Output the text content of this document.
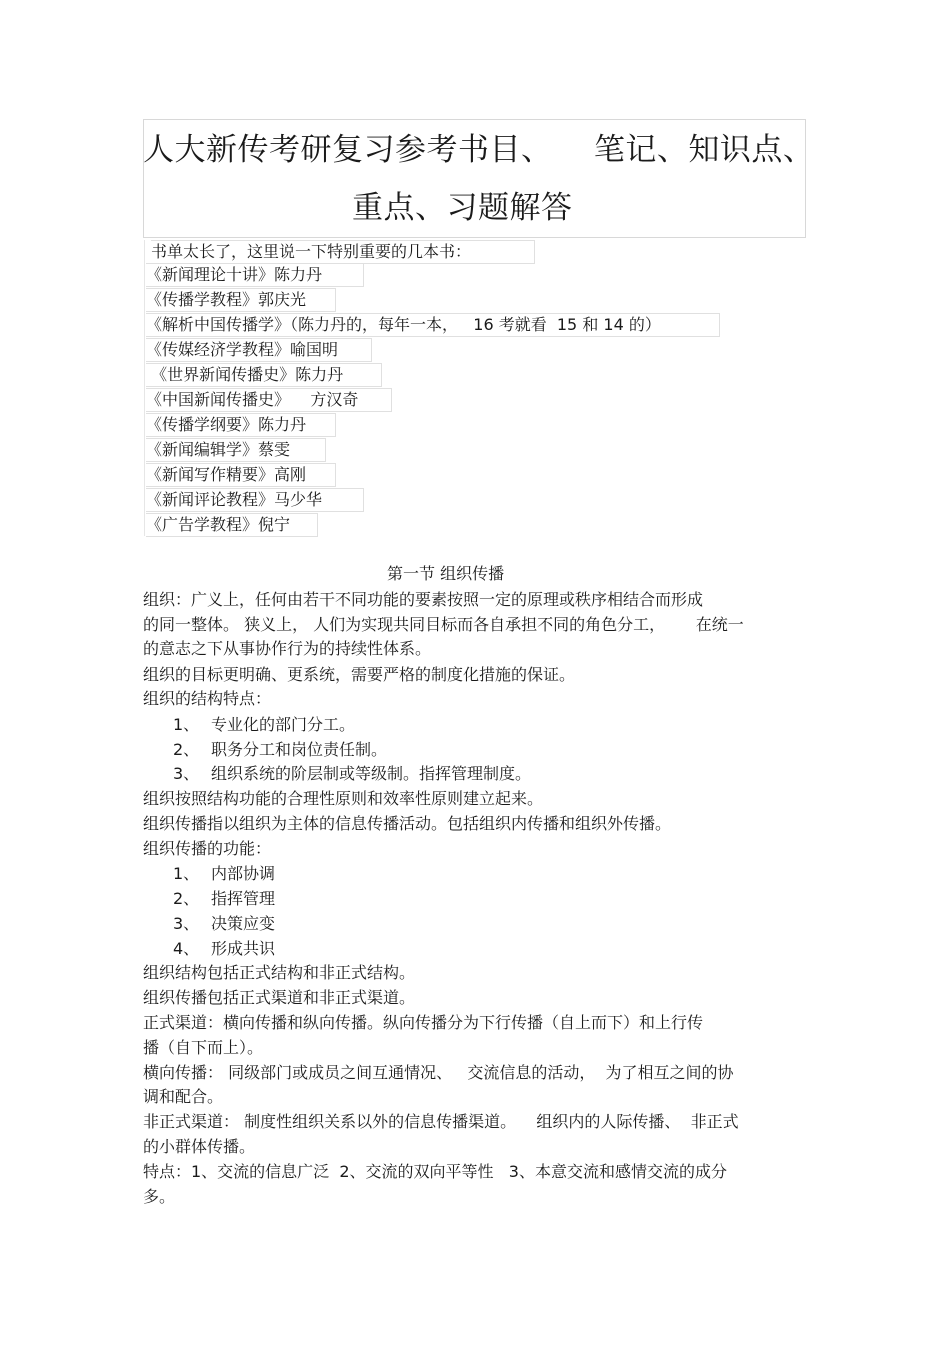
人大新传考研复习参考书目、    笔记、知识点、
重点、习题解答
书单太长了，这里说一下特别重要的几本书：
《新闻理论十讲》陈力丹
《传播学教程》郭庆光
《解析中国传播学》（陈力丹的，每年一本，   16 考就看  15 和 14 的）
《传媒经济学教程》喻国明
《世界新闻传播史》陈力丹
《中国新闻传播史》    方汉奇
《传播学纲要》陈力丹
《新闻编辑学》蔡雯
《新闻写作精要》高刚
《新闻评论教程》马少华
《广告学教程》倪宁
第一节 组织传播
组织：广义上，任何由若干不同功能的要素按照一定的原理或秩序相结合而形成
的同一整体。 狭义上， 人们为实现共同目标而各自承担不同的角色分工，      在统一
的意志之下从事协作行为的持续性体系。
组织的目标更明确、更系统，需要严格的制度化措施的保证。
组织的结构特点：
1、 专业化的部门分工。
2、 职务分工和岗位责任制。
3、 组织系统的阶层制或等级制。指挥管理制度。
组织按照结构功能的合理性原则和效率性原则建立起来。
组织传播指以组织为主体的信息传播活动。包括组织内传播和组织外传播。
组织传播的功能：
1、 内部协调
2、 指挥管理
3、 决策应变
4、 形成共识
组织结构包括正式结构和非正式结构。
组织传播包括正式渠道和非正式渠道。
正式渠道：横向传播和纵向传播。纵向传播分为下行传播（自上而下）和上行传
播（自下而上）。
横向传播： 同级部门或成员之间互通情况、   交流信息的活动，  为了相互之间的协
调和配合。
非正式渠道： 制度性组织关系以外的信息传播渠道。    组织内的人际传播、  非正式
的小群体传播。
特点：1、交流的信息广泛  2、交流的双向平等性   3、本意交流和感情交流的成分
多。
